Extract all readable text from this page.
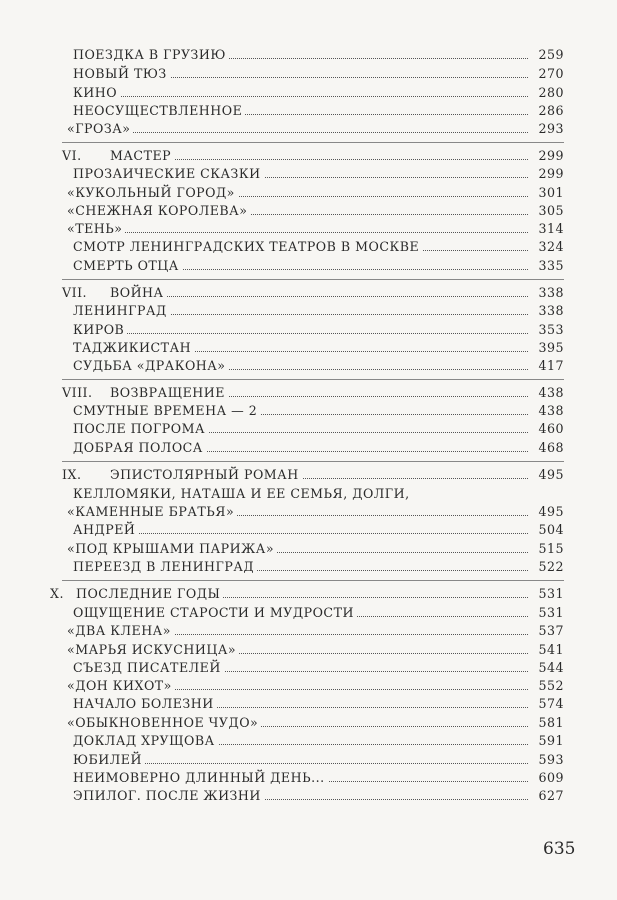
ПОЕЗДКА В ГРУЗИЮ	259
НОВЫЙ ТЮЗ	270
КИНО	280
НЕОСУЩЕСТВЛЕННОЕ	286
«ГРОЗА»	293
VI. МАСТЕР	299
ПРОЗАИЧЕСКИЕ СКАЗКИ	299
«КУКОЛЬНЫЙ ГОРОД»	301
«СНЕЖНАЯ КОРОЛЕВА»	305
«ТЕНЬ»	314
СМОТР ЛЕНИНГРАДСКИХ ТЕАТРОВ В МОСКВЕ	324
СМЕРТЬ ОТЦА	335
VII. ВОЙНА	338
ЛЕНИНГРАД	338
КИРОВ	353
ТАДЖИКИСТАН	395
СУДЬБА «ДРАКОНА»	417
VIII. ВОЗВРАЩЕНИЕ	438
СМУТНЫЕ ВРЕМЕНА — 2	438
ПОСЛЕ ПОГРОМА	460
ДОБРАЯ ПОЛОСА	468
IX. ЭПИСТОЛЯРНЫЙ РОМАН	495
КЕЛЛОМЯКИ, НАТАША И ЕЕ СЕМЬЯ, ДОЛГИ,
«КАМЕННЫЕ БРАТЬЯ»	495
АНДРЕЙ	504
«ПОД КРЫШАМИ ПАРИЖА»	515
ПЕРЕЕЗД В ЛЕНИНГРАД	522
X. ПОСЛЕДНИЕ ГОДЫ	531
ОЩУЩЕНИЕ СТАРОСТИ И МУДРОСТИ	531
«ДВА КЛЕНА»	537
«МАРЬЯ ИСКУСНИЦА»	541
СЪЕЗД ПИСАТЕЛЕЙ	544
«ДОН КИХОТ»	552
НАЧАЛО БОЛЕЗНИ	574
«ОБЫКНОВЕННОЕ ЧУДО»	581
ДОКЛАД ХРУЩОВА	591
ЮБИЛЕЙ	593
НЕИМОВЕРНО ДЛИННЫЙ ДЕНЬ...	609
ЭПИЛОГ. ПОСЛЕ ЖИЗНИ	627
635
